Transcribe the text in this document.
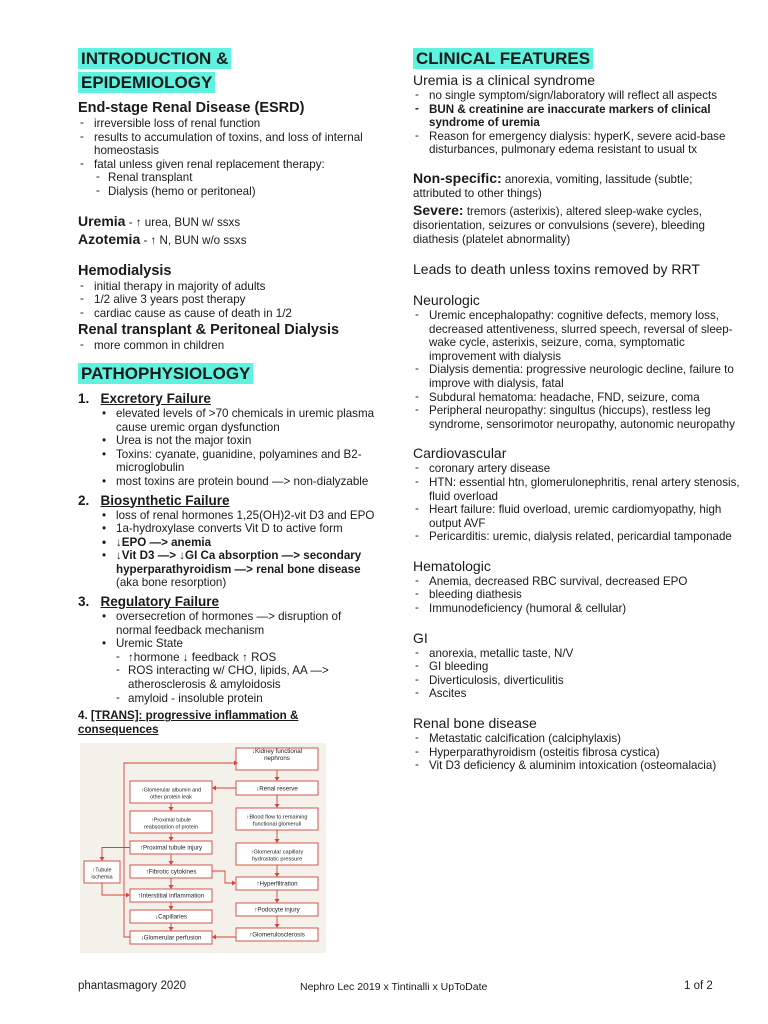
INTRODUCTION &
EPIDEMIOLOGY

End-stage Renal Disease (ESRD)

‐ irreversible loss of renal function
‐ results to accumulation of toxins, and loss of internal homeostasis
‐ fatal unless given renal replacement therapy:
‐ Renal transplant
‐ Dialysis (hemo or peritoneal)
Uremia - ↑ urea, BUN w/ ssxs
Azotemia - ↑ N, BUN w/o ssxs

Hemodialysis

‐ initial therapy in majority of adults
‐ 1/2 alive 3 years post therapy
‐ cardiac cause as cause of death in 1/2

Renal transplant & Peritoneal Dialysis

‐ more common in children
PATHOPHYSIOLOGY
1. Excretory Failure
• elevated levels of >70 chemicals in uremic plasma cause uremic organ dysfunction
• Urea is not the major toxin
• Toxins: cyanate, guanidine, polyamines and B2-microglobulin
• most toxins are protein bound —> non-dialyzable
2. Biosynthetic Failure
• loss of renal hormones 1,25(OH)2-vit D3 and EPO
• 1a-hydroxylase converts Vit D to active form
• ↓EPO —> anemia
• ↓Vit D3 —> ↓GI Ca absorption —> secondary hyperparathyroidism —> renal bone disease (aka bone resorption)
3. Regulatory Failure
• oversecretion of hormones —> disruption of normal feedback mechanism
• Uremic State
‐ ↑hormone ↓ feedback ↑ ROS
‐ ROS interacting w/ CHO, lipids, AA —> atherosclerosis & amyloidosis
‐ amyloid - insoluble protein
4. [TRANS]: progressive inflammation & consequences
↓Kidney functional nephrons
↓Renal reserve
↑Blood flow to remaining functional glomeruli
↑Glomerular capillary hydrostatic pressure
↑Hyperfiltration
↑Podocyte injury
↑Glomerulosclerosis
↑Glomerular albumin and other protein leak
↑Proximal tubule reabsorption of protein
↑Proximal tubule injury
↑Fibrotic cytokines
↑Interstitial inflammation
↓Capillaries
↓Glomerular perfusion
↑Tubule ischemia
CLINICAL FEATURES

Uremia is a clinical syndrome

‐ no single symptom/sign/laboratory will reflect all aspects
‐ BUN & creatinine are inaccurate markers of clinical syndrome of uremia
‐ Reason for emergency dialysis: hyperK, severe acid-base disturbances, pulmonary edema resistant to usual tx
Non-specific: anorexia, vomiting, lassitude (subtle; attributed to other things)
Severe: tremors (asterixis), altered sleep-wake cycles, disorientation, seizures or convulsions (severe), bleeding diathesis (platelet abnormality)

Leads to death unless toxins removed by RRT

Neurologic

‐ Uremic encephalopathy: cognitive defects, memory loss, decreased attentiveness, slurred speech, reversal of sleep-wake cycle, asterixis, seizure, coma, symptomatic improvement with dialysis
‐ Dialysis dementia: progressive neurologic decline, failure to improve with dialysis, fatal
‐ Subdural hematoma: headache, FND, seizure, coma
‐ Peripheral neuropathy: singultus (hiccups), restless leg syndrome, sensorimotor neuropathy, autonomic neuropathy

Cardiovascular

‐ coronary artery disease
‐ HTN: essential htn, glomerulonephritis, renal artery stenosis, fluid overload
‐ Heart failure: fluid overload, uremic cardiomyopathy, high output AVF
‐ Pericarditis: uremic, dialysis related, pericardial tamponade

Hematologic

‐ Anemia, decreased RBC survival, decreased EPO
‐ bleeding diathesis
‐ Immunodeficiency (humoral & cellular)

GI

‐ anorexia, metallic taste, N/V
‐ GI bleeding
‐ Diverticulosis, diverticulitis
‐ Ascites

Renal bone disease

‐ Metastatic calcification (calciphylaxis)
‐ Hyperparathyroidism (osteitis fibrosa cystica)
‐ Vit D3 deficiency & aluminim intoxication (osteomalacia)
phantasmagory 2020	Nephro Lec 2019 x Tintinalli x UpToDate	1 of 2
